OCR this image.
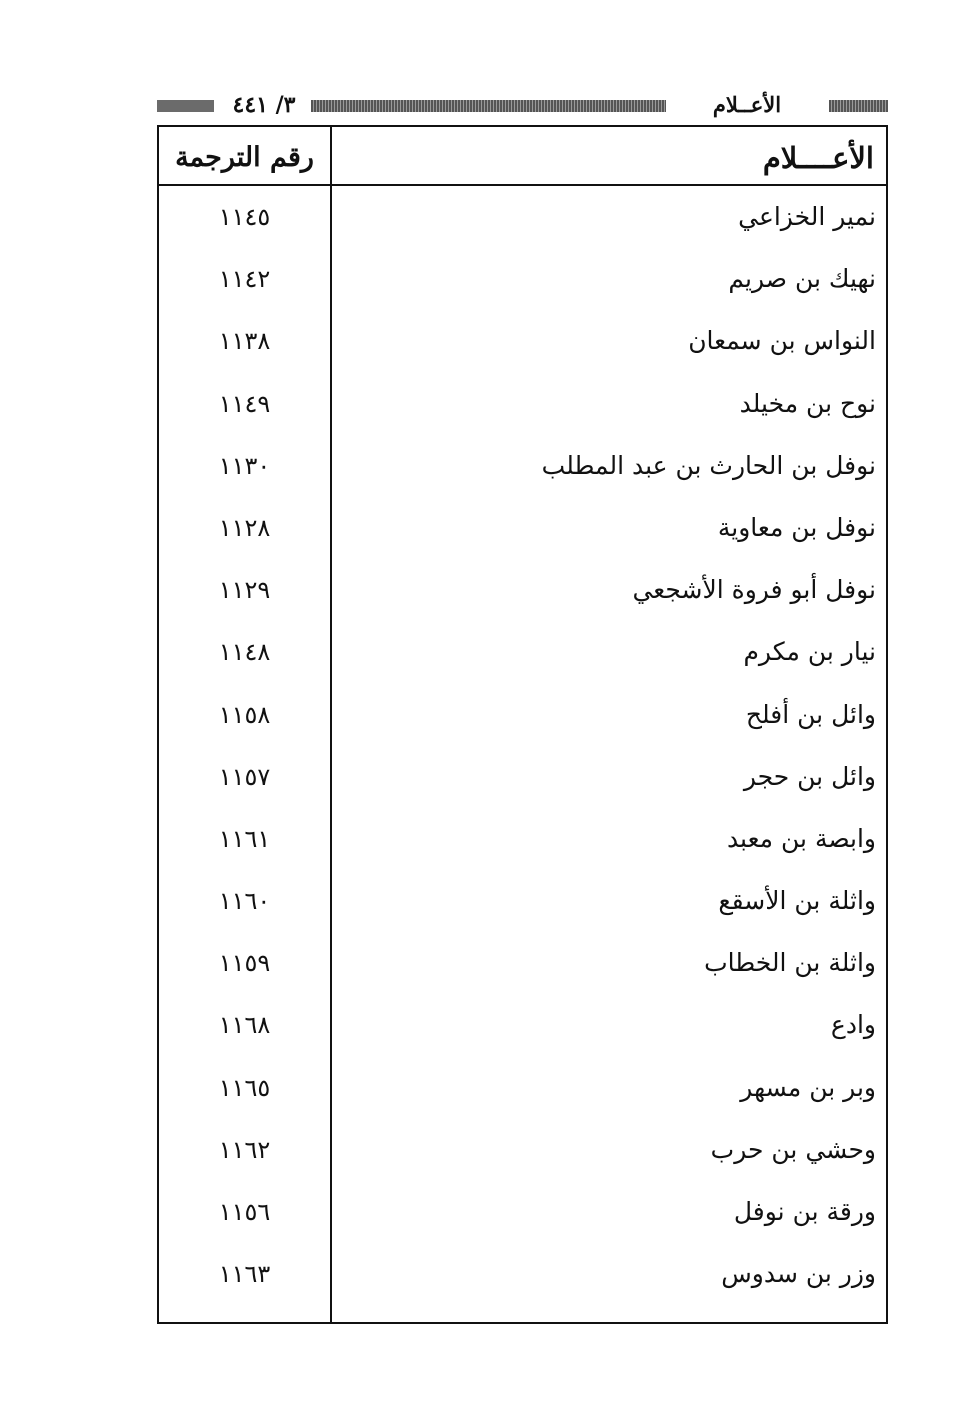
٣/ ٤٤١	الأعــلام
الأعــــلام
رقم الترجمة
نمير الخزاعي
١١٤٥
نهيك بن صريم
١١٤٢
النواس بن سمعان
١١٣٨
نوح بن مخيلد
١١٤٩
نوفل بن الحارث بن عبد المطلب
١١٣٠
نوفل بن معاوية
١١٢٨
نوفل أبو فروة الأشجعي
١١٢٩
نيار بن مكرم
١١٤٨
وائل بن أفلح
١١٥٨
وائل بن حجر
١١٥٧
وابصة بن معبد
١١٦١
واثلة بن الأسقع
١١٦٠
واثلة بن الخطاب
١١٥٩
وادع
١١٦٨
وبر بن مسهر
١١٦٥
وحشي بن حرب
١١٦٢
ورقة بن نوفل
١١٥٦
وزر بن سدوس
١١٦٣
